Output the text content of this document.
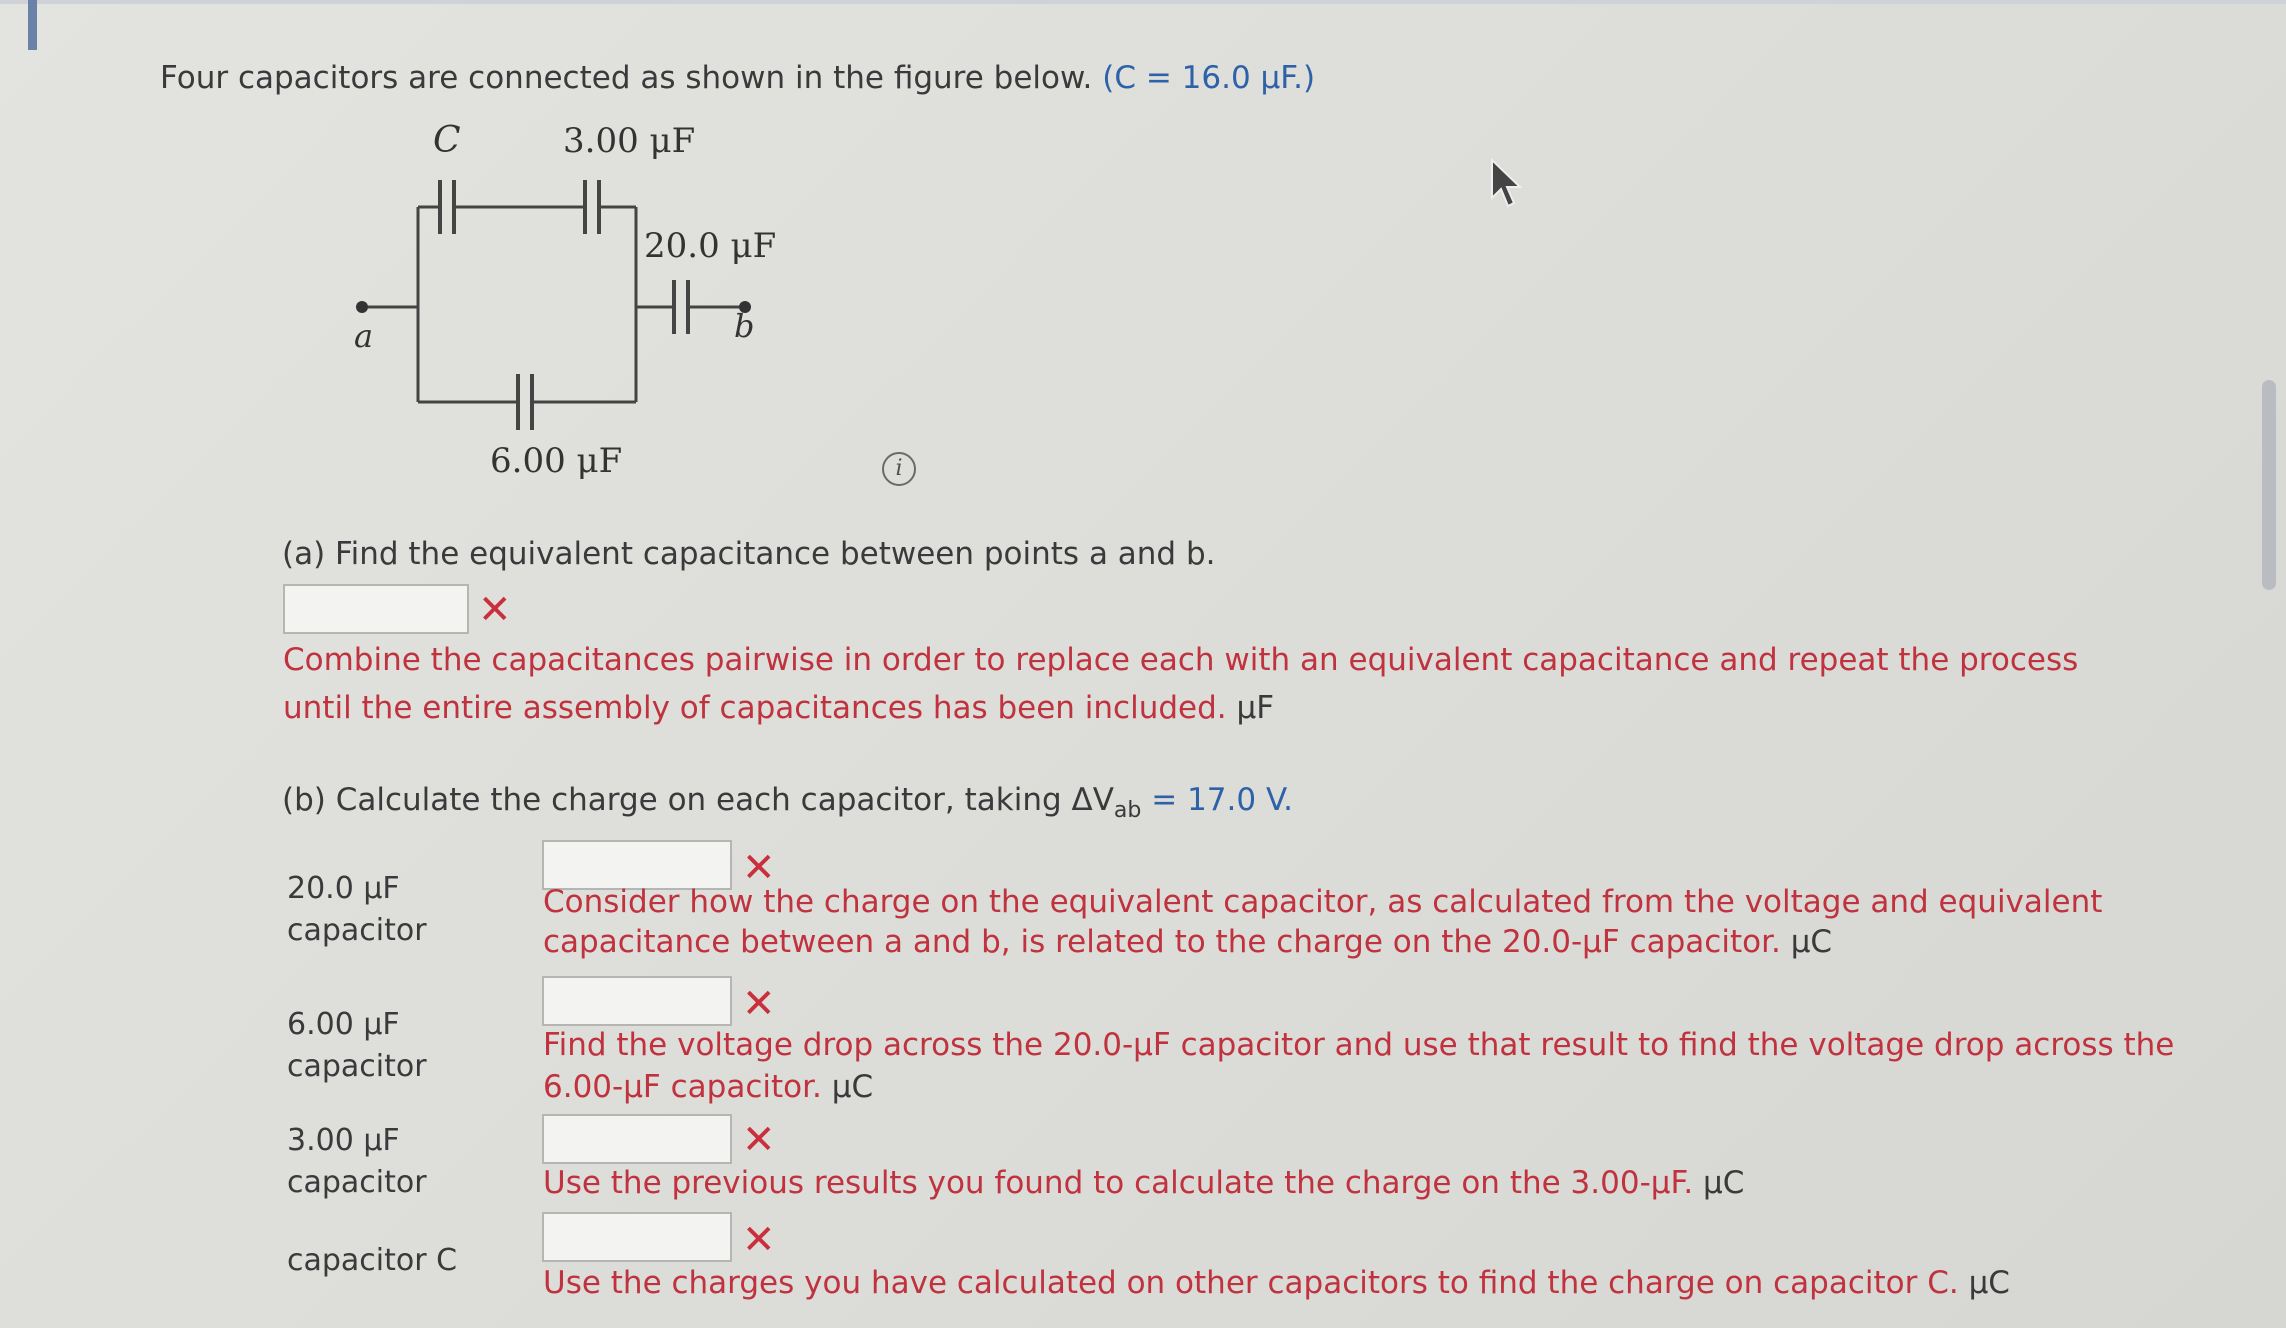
Four capacitors are connected as shown in the figure below. (C = 16.0 μF.)
C	3.00 μF
20.0 μF
6.00 μF
a	b
i
(a) Find the equivalent capacitance between points a and b.
✕
Combine the capacitances pairwise in order to replace each with an equivalent capacitance and repeat the process until the entire assembly of capacitances has been included. μF
(b) Calculate the charge on each capacitor, taking $\Delta V_{ab} = 17.0$ V.
20.0 μF
capacitor
✕
Consider how the charge on the equivalent capacitor, as calculated from the voltage and equivalent capacitance between a and b, is related to the charge on the 20.0-μF capacitor. μC
6.00 μF
capacitor
✕
Find the voltage drop across the 20.0-μF capacitor and use that result to find the voltage drop across the 6.00-μF capacitor. μC
3.00 μF
capacitor
✕
Use the previous results you found to calculate the charge on the 3.00-μF. μC
capacitor C	✕
Use the charges you have calculated on other capacitors to find the charge on capacitor C. μC
